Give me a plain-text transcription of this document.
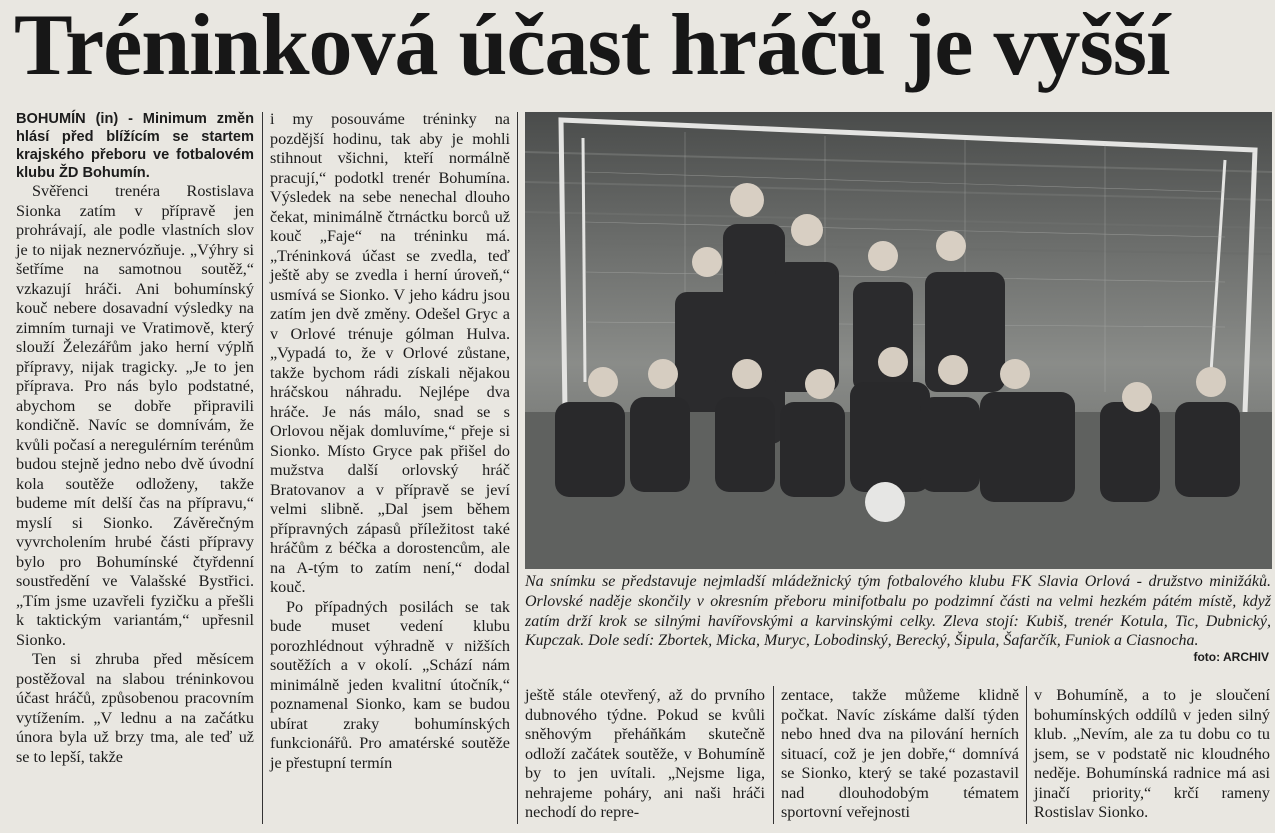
Tréninková účast hráčů je vyšší

BOHUMÍN (in) - Minimum změn hlásí před blížícím se startem krajského přeboru ve fotbalovém klubu ŽD Bohumín.

Svěřenci trenéra Rostislava Sionka zatím v přípravě jen prohrávají, ale podle vlastních slov je to nijak neznervózňuje. „Výhry si šetříme na samotnou soutěž,“ vzkazují hráči. Ani bohumínský kouč nebere dosavadní výsledky na zimním turnaji ve Vratimově, který slouží Železářům jako herní výplň přípravy, nijak tragicky. „Je to jen příprava. Pro nás bylo podstatné, abychom se dobře připravili kondičně. Navíc se domnívám, že kvůli počasí a neregulérním terénům budou stejně jedno nebo dvě úvodní kola soutěže odloženy, takže budeme mít delší čas na přípravu,“ myslí si Sionko. Závěrečným vyvrcholením hrubé části přípravy bylo pro Bohumínské čtyřdenní soustředění ve Valašské Bystřici. „Tím jsme uzavřeli fyzičku a přešli k taktickým variantám,“ upřesnil Sionko.

Ten si zhruba před měsícem postěžoval na slabou tréninkovou účast hráčů, způsobenou pracovním vytížením. „V lednu a na začátku února byla už brzy tma, ale teď už se to lepší, takže

i my posouváme tréninky na pozdější hodinu, tak aby je mohli stihnout všichni, kteří normálně pracují,“ podotkl trenér Bohumína. Výsledek na sebe nenechal dlouho čekat, minimálně čtrnáctku borců už kouč „Faje“ na tréninku má. „Tréninková účast se zvedla, teď ještě aby se zvedla i herní úroveň,“ usmívá se Sionko. V jeho kádru jsou zatím jen dvě změny. Odešel Gryc a v Orlové trénuje gólman Hulva. „Vypadá to, že v Orlové zůstane, takže bychom rádi získali nějakou hráčskou náhradu. Nejlépe dva hráče. Je nás málo, snad se s Orlovou nějak domluvíme,“ přeje si Sionko. Místo Gryce pak přišel do mužstva další orlovský hráč Bratovanov a v přípravě se jeví velmi slibně. „Dal jsem během přípravných zápasů příležitost také hráčům z béčka a dorostencům, ale na A-tým to zatím není,“ dodal kouč.

Po případných posilách se tak bude muset vedení klubu porozhlédnout výhradně v nižších soutěžích a v okolí. „Schází nám minimálně jeden kvalitní útočník,“ poznamenal Sionko, kam se budou ubírat zraky bohumínských funkcionářů. Pro amatérské soutěže je přestupní termín

Na snímku se představuje nejmladší mládežnický tým fotbalového klubu FK Slavia Orlová - družstvo minižáků. Orlovské naděje skončily v okresním přeboru minifotbalu po podzimní části na velmi hezkém pátém místě, když zatím drží krok se silnými havířovskými a karvinskými celky. Zleva stojí: Kubiš, trenér Kotula, Tic, Dubnický, Kupczak. Dole sedí: Zbortek, Micka, Muryc, Lobodinský, Berecký, Šipula, Šafarčík, Funiok a Ciasnocha.
foto: ARCHIV

ještě stále otevřený, až do prvního dubnového týdne. Pokud se kvůli sněhovým přeháňkám skutečně odloží začátek soutěže, v Bohumíně by to jen uvítali. „Nejsme liga, nehrajeme poháry, ani naši hráči nechodí do repre-

zentace, takže můžeme klidně počkat. Navíc získáme další týden nebo hned dva na pilování herních situací, což je jen dobře,“ domnívá se Sionko, který se také pozastavil nad dlouhodobým tématem sportovní veřejnosti

v Bohumíně, a to je sloučení bohumínských oddílů v jeden silný klub. „Nevím, ale za tu dobu co tu jsem, se v podstatě nic kloudného neděje. Bohumínská radnice má asi jinačí priority,“ krčí rameny Rostislav Sionko.
